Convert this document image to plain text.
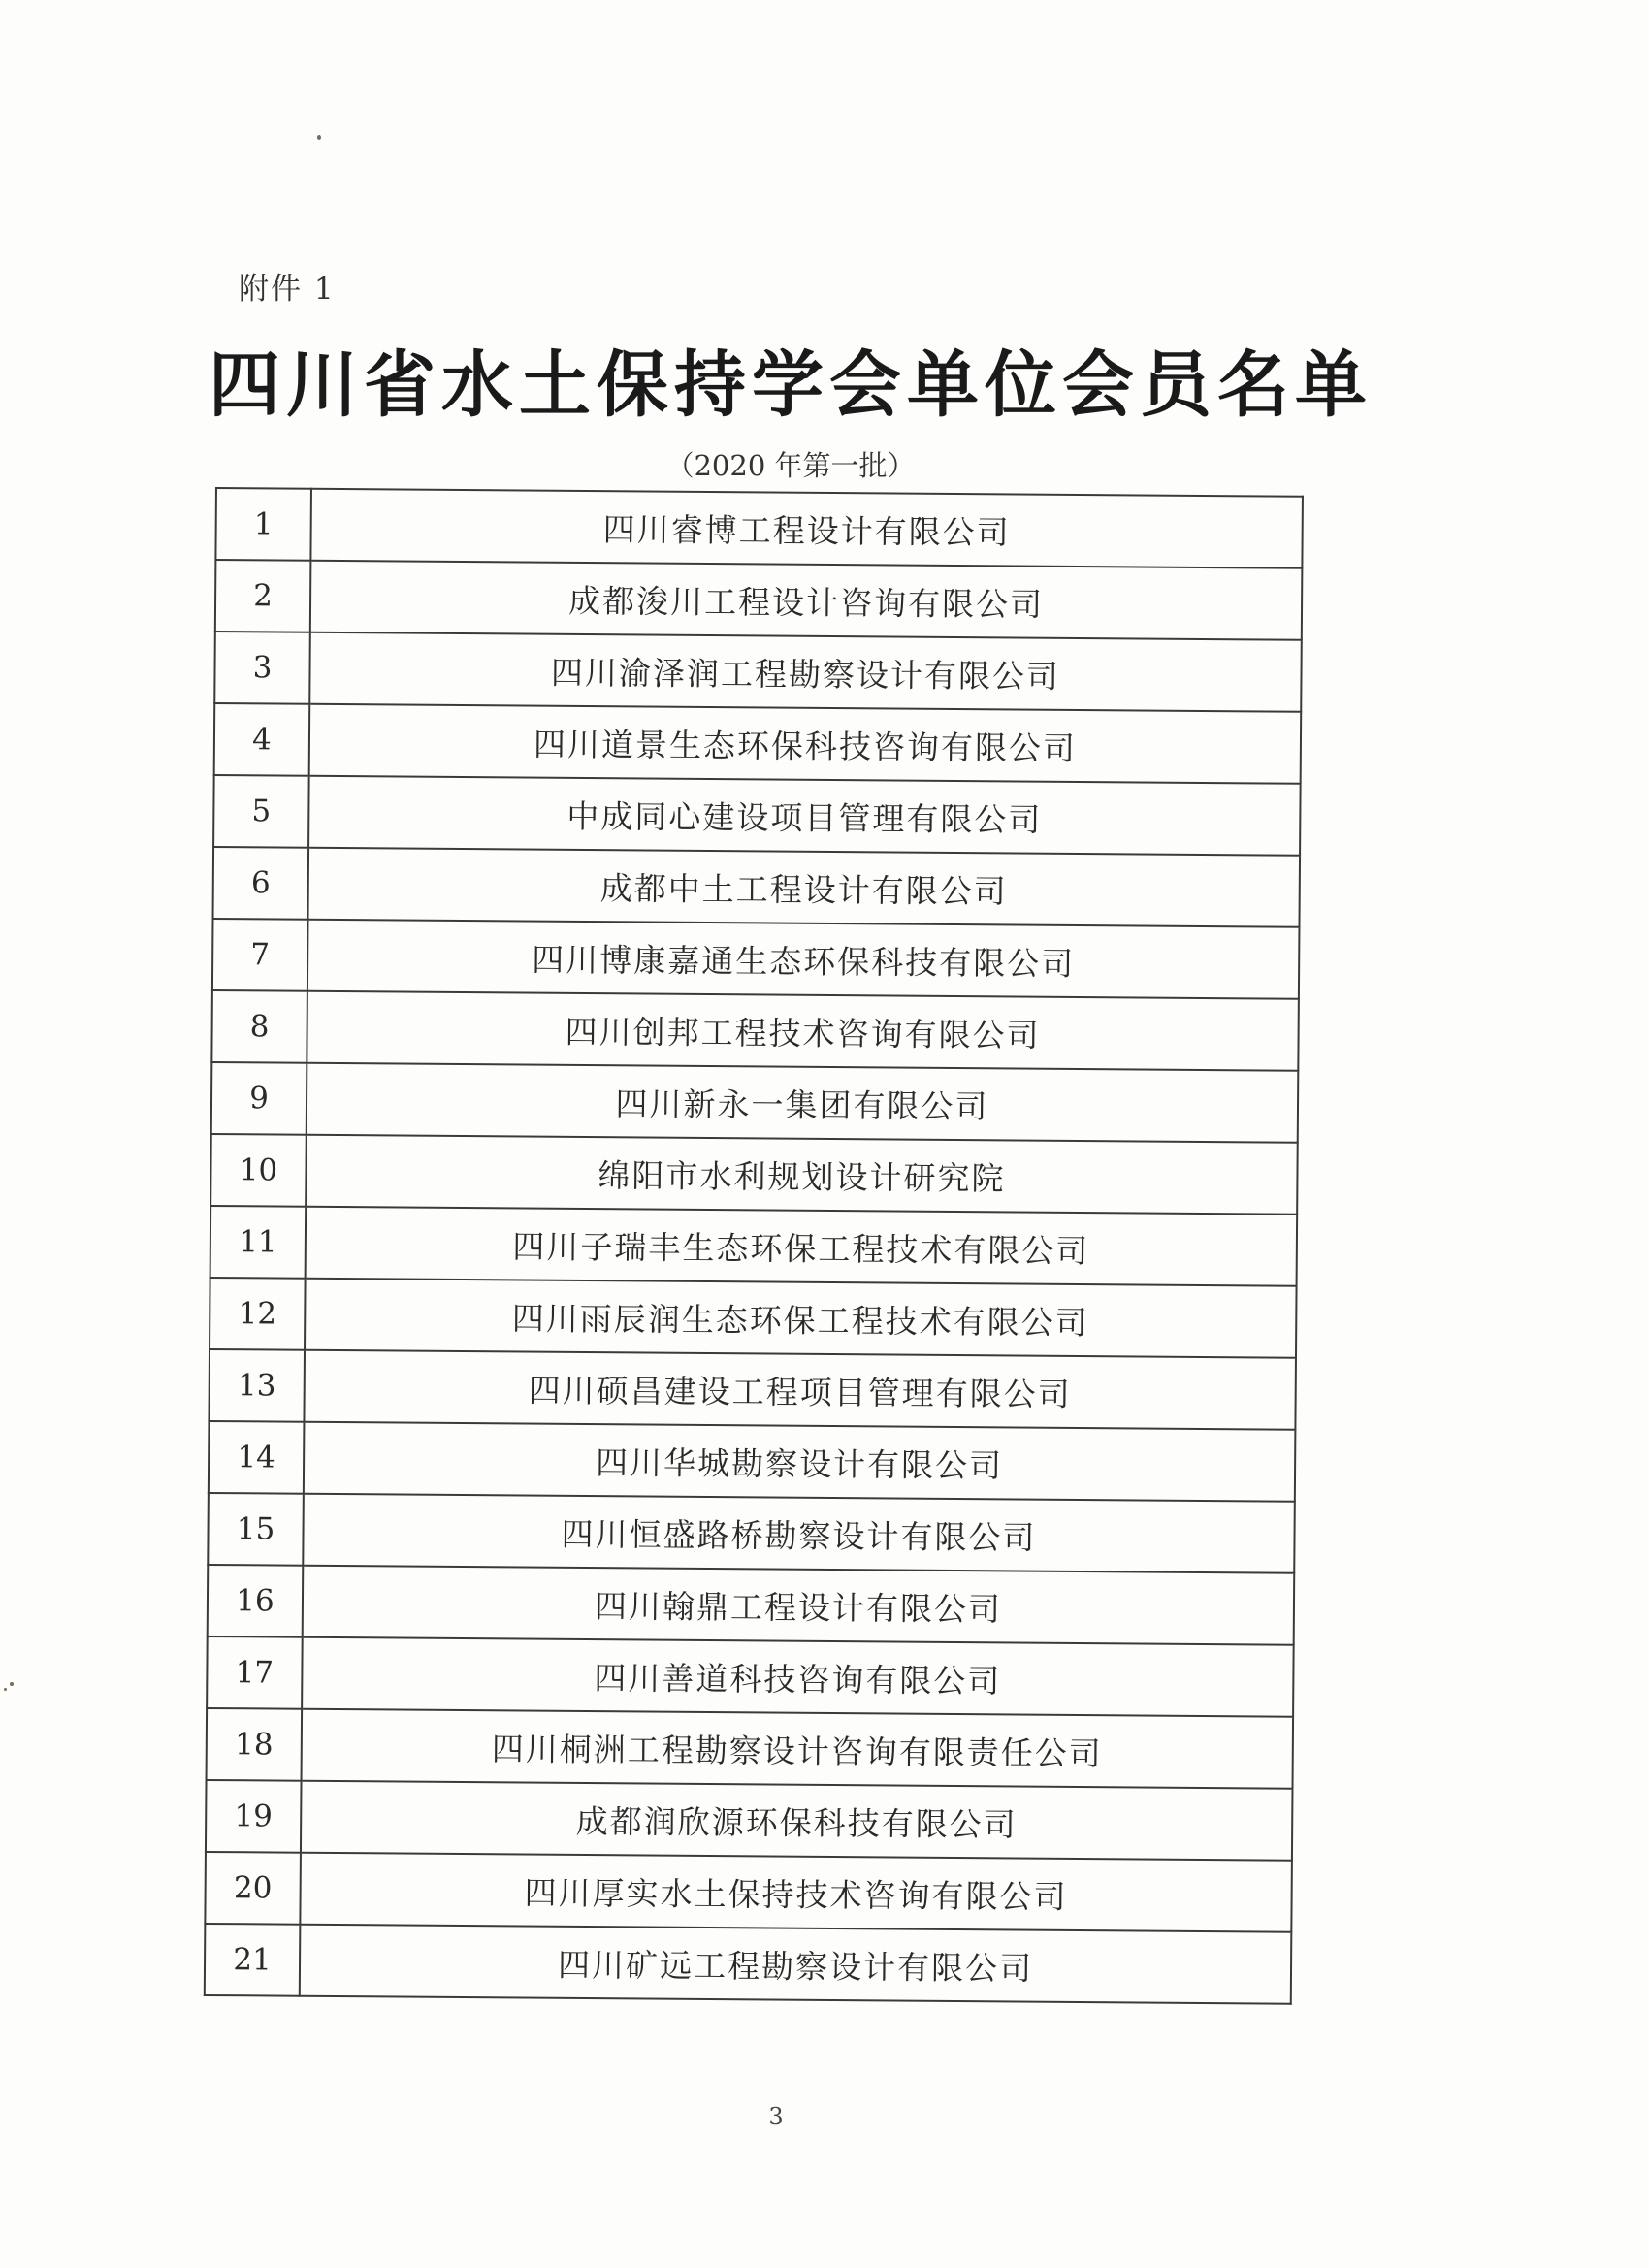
附件 1
四川省水土保持学会单位会员名单
（2020 年第一批）
1	四川睿博工程设计有限公司
2	成都浚川工程设计咨询有限公司
3	四川渝泽润工程勘察设计有限公司
4	四川道景生态环保科技咨询有限公司
5	中成同心建设项目管理有限公司
6	成都中土工程设计有限公司
7	四川博康嘉通生态环保科技有限公司
8	四川创邦工程技术咨询有限公司
9	四川新永一集团有限公司
10	绵阳市水利规划设计研究院
11	四川子瑞丰生态环保工程技术有限公司
12	四川雨辰润生态环保工程技术有限公司
13	四川硕昌建设工程项目管理有限公司
14	四川华城勘察设计有限公司
15	四川恒盛路桥勘察设计有限公司
16	四川翰鼎工程设计有限公司
17	四川善道科技咨询有限公司
18	四川桐洲工程勘察设计咨询有限责任公司
19	成都润欣源环保科技有限公司
20	四川厚实水土保持技术咨询有限公司
21	四川矿远工程勘察设计有限公司
3
